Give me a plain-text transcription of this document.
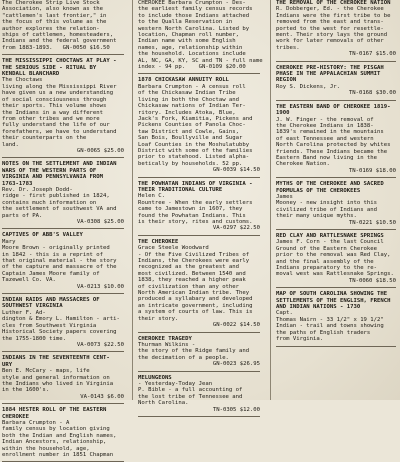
The Cherokee Strip Live Stock
Association, also known as the
"cattlemen's last frontier," in
the focus of this volume as the
author explores the relation-
ships of cattlemen, homesteaders,
Indians and the federal government
from 1883-1893.   GN-0050 $16.50
THE MISSISSIPPI CHOCTAWS AT PLAY -
THE SERIOUS SIDE - RITUAL BY
KENDALL BLANCHARD
The Choctaws
living along the Mississippi River
have given us a new understanding
of social consciousness through
their sports. This volume shows
the Indians in a way different
from other tribes and we more
fully understand the life of our
forefathers, we have to understand
their counterparts on the
land.
GN-0065 $25.00
NOTES ON THE SETTLEMENT AND INDIAN
WARS OF THE WESTERN PARTS OF
VIRGINIA AND PENNSYLVANIA FROM
1763-1783
Rev. Dr. Joseph Dodd-
ridge - first published in 1824,
contains much information on
the settlement of southwest VA and
parts of PA.
VA-0308 $25.00
CAPTIVES OF ABB'S VALLEY
Mary
Moore Brown - originally printed
in 1842 - this is a reprint of
that original material - the story
of the capture and massacre of the
Captain James Moore family of
Tazewell Co. VA.
VA-0213 $10.00
INDIAN RAIDS AND MASSACRES OF
SOUTHWEST VIRGINIA
Luther F. Ad-
dington & Emory L. Hamilton - arti-
cles from Southwest Virginia
Historical Society papers covering
the 1755-1800 time.
VA-0073 $22.50
INDIANS IN THE SEVENTEENTH CENT-
URY
Ben E. McCary - maps, life
style and general information on
the Indians who lived in Virginia
in the 1600's.
VA-0143 $6.00
1884 HESTER ROLL OF THE EASTERN
CHEROKEE
Barbara Crumpton - A
family census by location giving
both the Indian and English names,
Indian Ancestors, relationship,
within the household, age,
enrollment number in 1851 Chapman
CHEROKEE Barbara Crumpton - Des-
the earliest family census records
to include those Indians attached
to the Qualla Reservation in
western North Carolina. Listed by
location, Chapman roll number,
Indian name with some English
names, age, relationship within
the household. Locations include
AL, NC, GA, KY, SC and TN - full name
index - 94 pp.    GN-0109 $20.00
1878 CHICKASAW ANNUITY ROLL
Barbara Crumpton - A census roll
of the Chickasaw Indian Tribe
living in both the Choctaw and
Chickasaw nations of Indian Ter-
ritory. Includes Atoka, Blue,
Jack's Fork, Kiamitia, Pickens and
Pickens Counties of Panola Choc-
taw District and Cowle, Gains,
San Bois, Boullyville and Sugar
Loaf Counties in the Moshulatubby
District with some of the families
prior to statehood. Listed alpha-
betically by households. 52 pp.
GN-0039 $14.50
THE POWHATAN INDIANS OF VIRGINIA -
THEIR TRADITIONAL CULTURE
Helen C.
Rountree - When the early settlers
came to Jamestown in 1607, they
found the Powhatan Indians. This
is their story, rites and customs.
VA-0297 $22.50
THE CHEROKEE
Grace Steele Woodward
- Of the Five Civilized Tribes of
Indians, the Cherokees were early
recognized as the greatest and
most civilized. Between 1540 and
1838, they reached a higher peak
of civilization than any other
North American Indian tribe. They
produced a syllabary and developed
an intricate government, including
a system of courts of law. This is
their story.
GN-0022 $14.50
CHEROKEE TRAGEDY
Thurman Wilkins -
the story of the Ridge family and
the decimation of a people.
GN-0023 $26.95
MELUNGEONS
- Yesterday-Today Jean
P. Bible - a full accounting of
the lost tribe of Tennessee and
North Carolina.
TN-0305 $12.00
THE REMOVAL OF THE CHEROKEE NATION
R. Dobberger, Ed. - the Cherokee
Indians were the first tribe to be
removed from the east and trans-
ported to the west for resettle-
ment. Their story lays the ground
work for later removals of other
tribes.
TN-0167 $15.00
CHEROKEE PRE-HISTORY: THE PISGAH
PHASE IN THE APPALACHIAN SUMMIT
REGION
Roy S. Dickens, Jr.
TN-0168 $30.00
THE EASTERN BAND OF CHEROKEE 1819-
1900
J. W. Finger - the removal of
the Cherokee Indians in 1838-
1839's remained in the mountains
of east Tennessee and western
North Carolina protected by whites
friends. These Indians became the
Eastern Band now living in the
Cherokee Nation.
TN-0169 $18.00
MYTHS OF THE CHEROKEE AND SACRED
FORMULAS OF THE CHEROKEES
James
Mooney - new insight into this
civilized tribe of Indians and
their many unique myths.
TN-0221 $10.50
RED CLAY AND RATTLESNAKE SPRINGS
James F. Corn - the last Council
Ground of the Eastern Cherokee
prior to the removal was Red Clay,
and the final assembly of the
Indians preparatory to the re-
moval west was Rattlesnake Springs.
TN-0060 $18.50
MAP OF SOUTH CAROLINA SHOWING THE
SETTLEMENTS OF THE ENGLISH, FRENCH
AND INDIAN NATIONS - 1730
Capt.
Thomas Nairn - 33 1/2" x 19 1/2"
Indian - trail and towns showing
the paths of English traders
from Virginia.
